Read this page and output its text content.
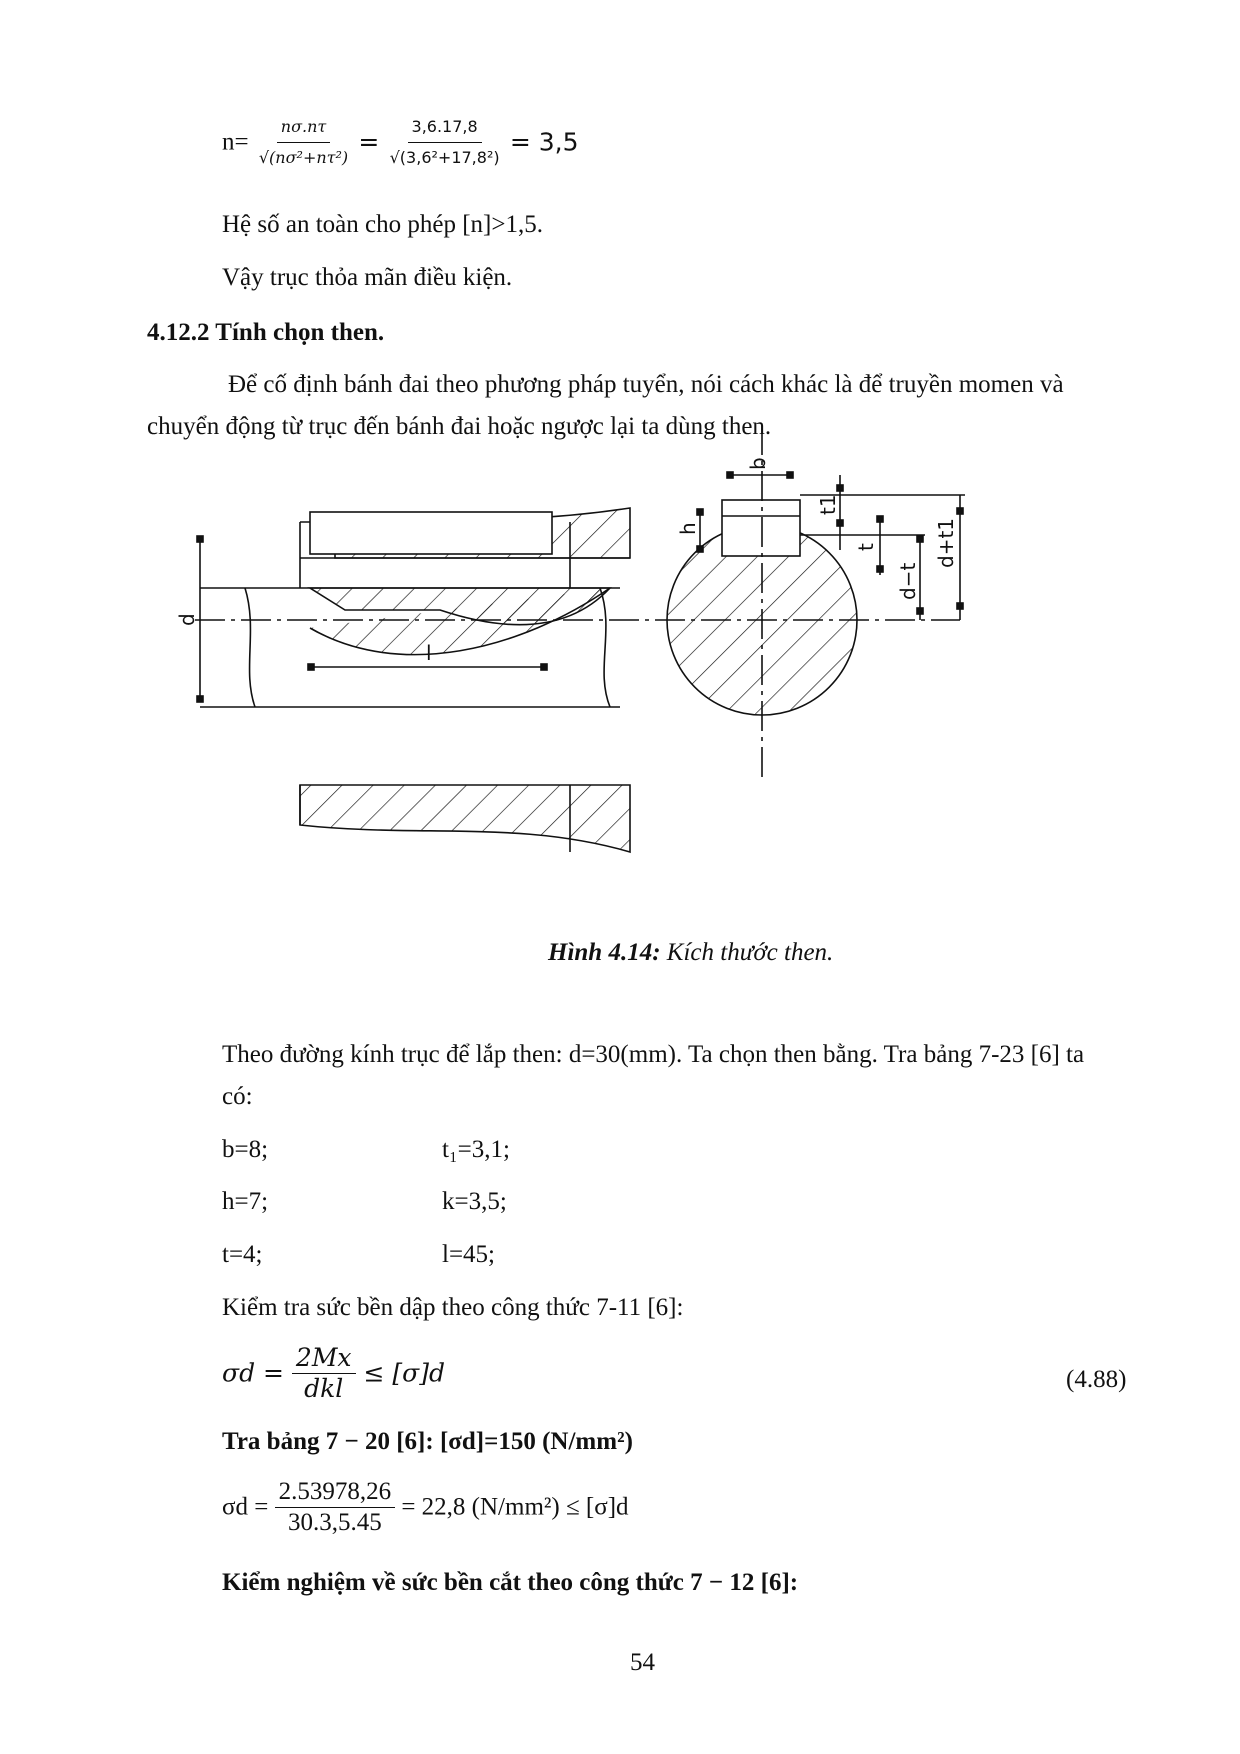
$n= \frac{n\sigma.n\tau}{\text{√(nσ²+nτ²)}} = \frac{3,6.17,8}{\text{√(3,6²+17,8²)}} = 3,5$
Hệ số an toàn cho phép [n]>1,5.
Vậy trục thỏa mãn điều kiện.
4.12.2 Tính chọn then.
Để cố định bánh đai theo phương pháp tuyển, nói cách khác là để truyền momen và
chuyển động từ trục đến bánh đai hoặc ngược lại ta dùng then.
d
l
b
h
t1
t
d−t
d+t1
Hình 4.14: Kích thước then.
Theo đường kính trục để lắp then: d=30(mm). Ta chọn then bằng. Tra bảng 7-23 [6] ta
có:
b=8;	t₁=3,1;
h=7;	k=3,5;
t=4;	l=45;
Kiểm tra sức bền dập theo công thức 7-11 [6]:
$\sigma d = \frac{2Mx}{\text{dkl}} \le [\sigma]d$	(4.88)
Tra bảng 7 − 20 [6]: [σd]=150 (N/mm²)
$\sigma d = \frac{2.53978,26}{30.3,5.45} = 22,8$ (N/mm²) ≤ [σ]d
Kiểm nghiệm về sức bền cắt theo công thức 7 − 12 [6]:
54
